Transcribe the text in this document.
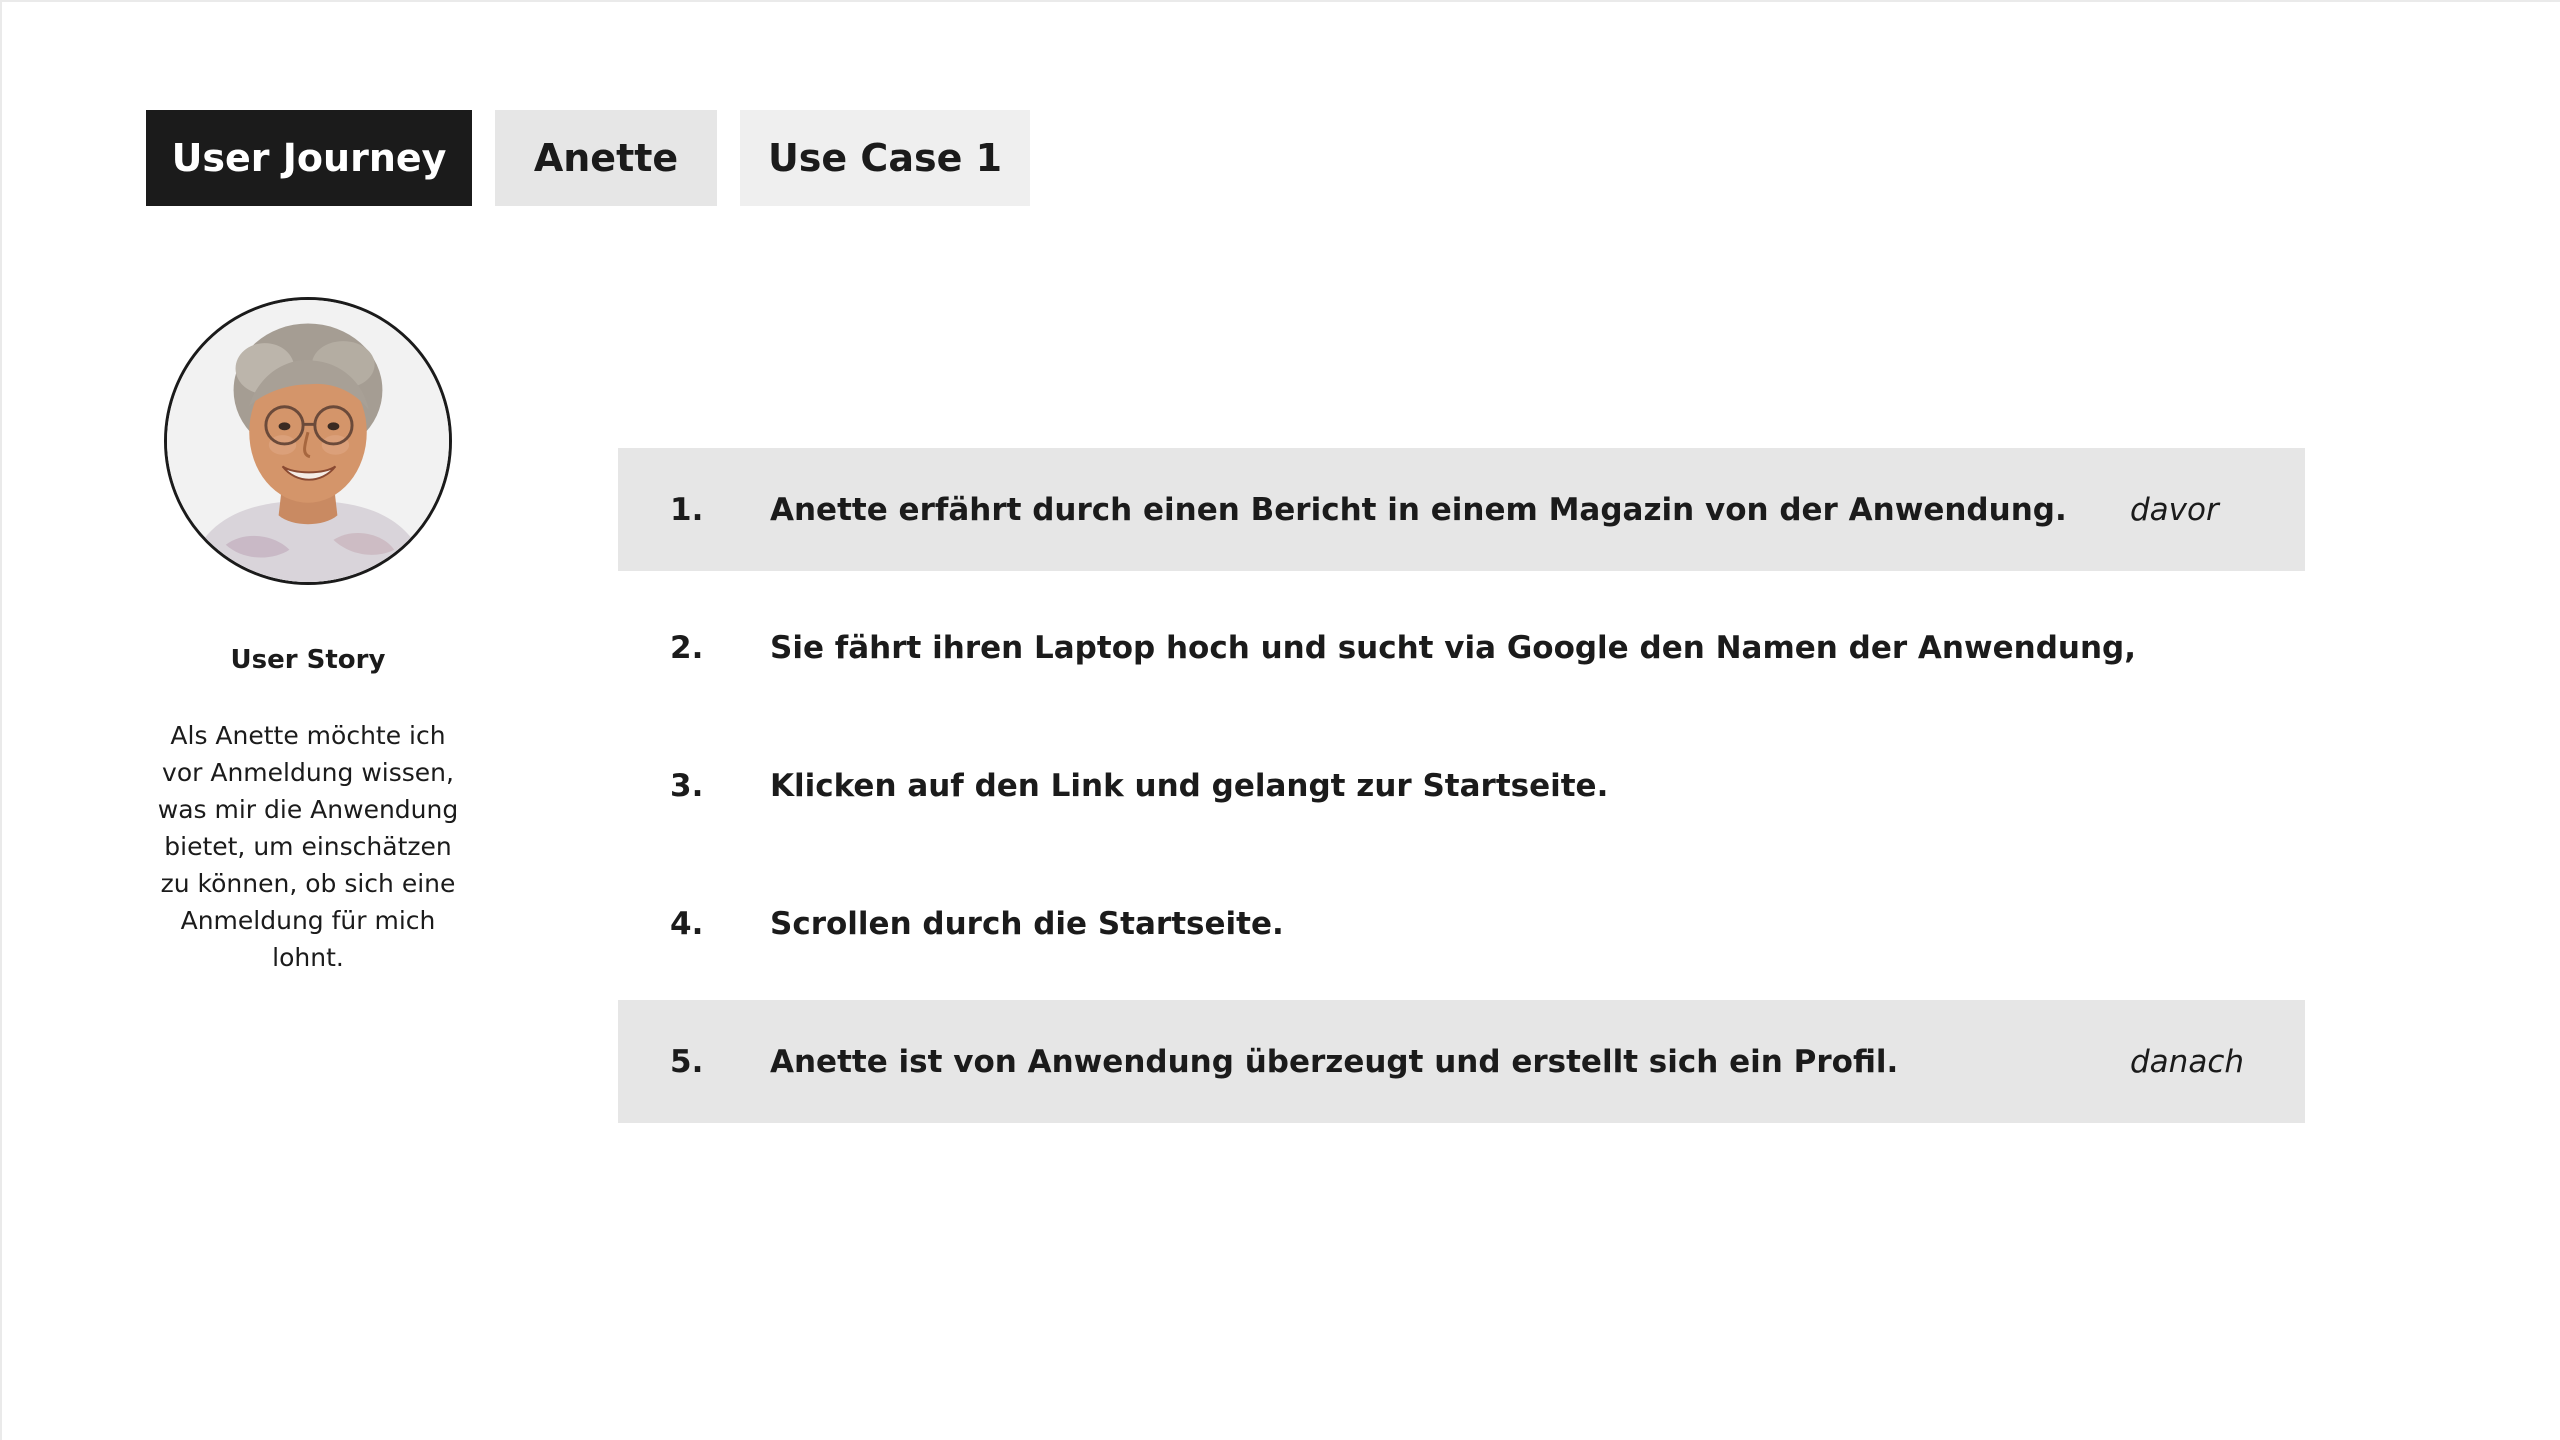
User Journey	Anette	Use Case 1
User Story
Als Anette möchte ich
vor Anmeldung wissen,
was mir die Anwendung
bietet, um einschätzen
zu können, ob sich eine
Anmeldung für mich lohnt.
1. Anette erfährt durch einen Bericht in einem Magazin von der Anwendung. davor
2. Sie fährt ihren Laptop hoch und sucht via Google den Namen der Anwendung,
3. Klicken auf den Link und gelangt zur Startseite.
4. Scrollen durch die Startseite.
5. Anette ist von Anwendung überzeugt und erstellt sich ein Profil.	danach
